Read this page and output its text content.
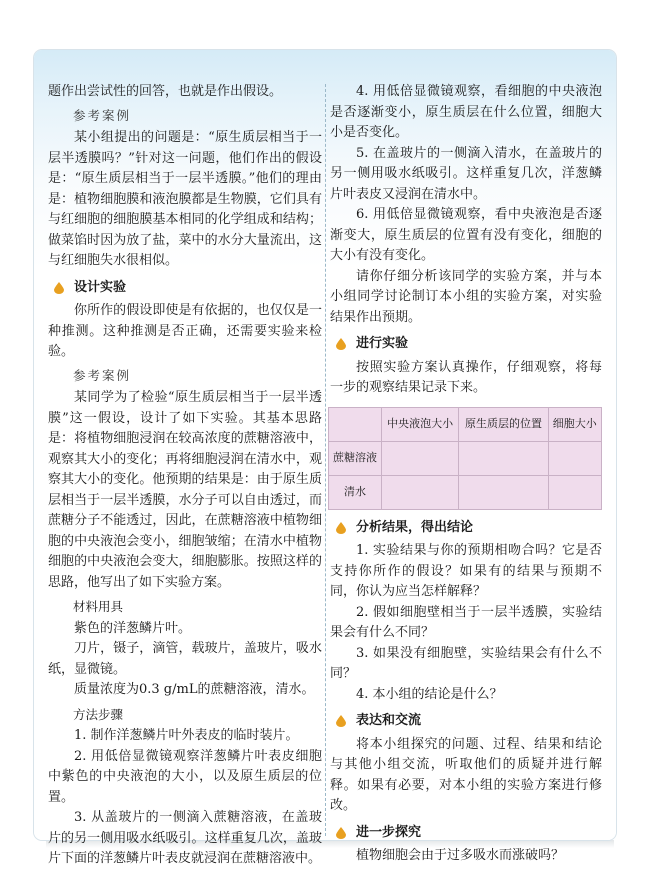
题作出尝试性的回答，也就是作出假设。

参考案例

某小组提出的问题是：“原生质层相当于一层半透膜吗？”针对这一问题，他们作出的假设是：“原生质层相当于一层半透膜。”他们的理由是：植物细胞膜和液泡膜都是生物膜，它们具有与红细胞的细胞膜基本相同的化学组成和结构；做菜馅时因为放了盐，菜中的水分大量流出，这与红细胞失水很相似。

设计实验

你所作的假设即使是有依据的，也仅仅是一种推测。这种推测是否正确，还需要实验来检验。

参考案例

某同学为了检验“原生质层相当于一层半透膜”这一假设，设计了如下实验。其基本思路是：将植物细胞浸润在较高浓度的蔗糖溶液中，观察其大小的变化；再将细胞浸润在清水中，观察其大小的变化。他预期的结果是：由于原生质层相当于一层半透膜，水分子可以自由透过，而蔗糖分子不能透过，因此，在蔗糖溶液中植物细胞的中央液泡会变小，细胞皱缩；在清水中植物细胞的中央液泡会变大，细胞膨胀。按照这样的思路，他写出了如下实验方案。

材料用具

紫色的洋葱鳞片叶。

刀片，镊子，滴管，载玻片，盖玻片，吸水纸，显微镜。

质量浓度为0.3 g/mL的蔗糖溶液，清水。

方法步骤

1. 制作洋葱鳞片叶外表皮的临时装片。

2. 用低倍显微镜观察洋葱鳞片叶表皮细胞中紫色的中央液泡的大小，以及原生质层的位置。

3. 从盖玻片的一侧滴入蔗糖溶液，在盖玻片的另一侧用吸水纸吸引。这样重复几次，盖玻片下面的洋葱鳞片叶表皮就浸润在蔗糖溶液中。

4. 用低倍显微镜观察，看细胞的中央液泡是否逐渐变小，原生质层在什么位置，细胞大小是否变化。

5. 在盖玻片的一侧滴入清水，在盖玻片的另一侧用吸水纸吸引。这样重复几次，洋葱鳞片叶表皮又浸润在清水中。

6. 用低倍显微镜观察，看中央液泡是否逐渐变大，原生质层的位置有没有变化，细胞的大小有没有变化。

请你仔细分析该同学的实验方案，并与本小组同学讨论制订本小组的实验方案，对实验结果作出预期。

进行实验

按照实验方案认真操作，仔细观察，将每一步的观察结果记录下来。

	中央液泡大小	原生质层的位置	细胞大小
蔗糖溶液			
清水			
分析结果，得出结论

1. 实验结果与你的预期相吻合吗？它是否支持你所作的假设？如果有的结果与预期不同，你认为应当怎样解释？

2. 假如细胞壁相当于一层半透膜，实验结果会有什么不同？

3. 如果没有细胞壁，实验结果会有什么不同？

4. 本小组的结论是什么？

表达和交流

将本小组探究的问题、过程、结果和结论与其他小组交流，听取他们的质疑并进行解释。如果有必要，对本小组的实验方案进行修改。

进一步探究

植物细胞会由于过多吸水而涨破吗？
